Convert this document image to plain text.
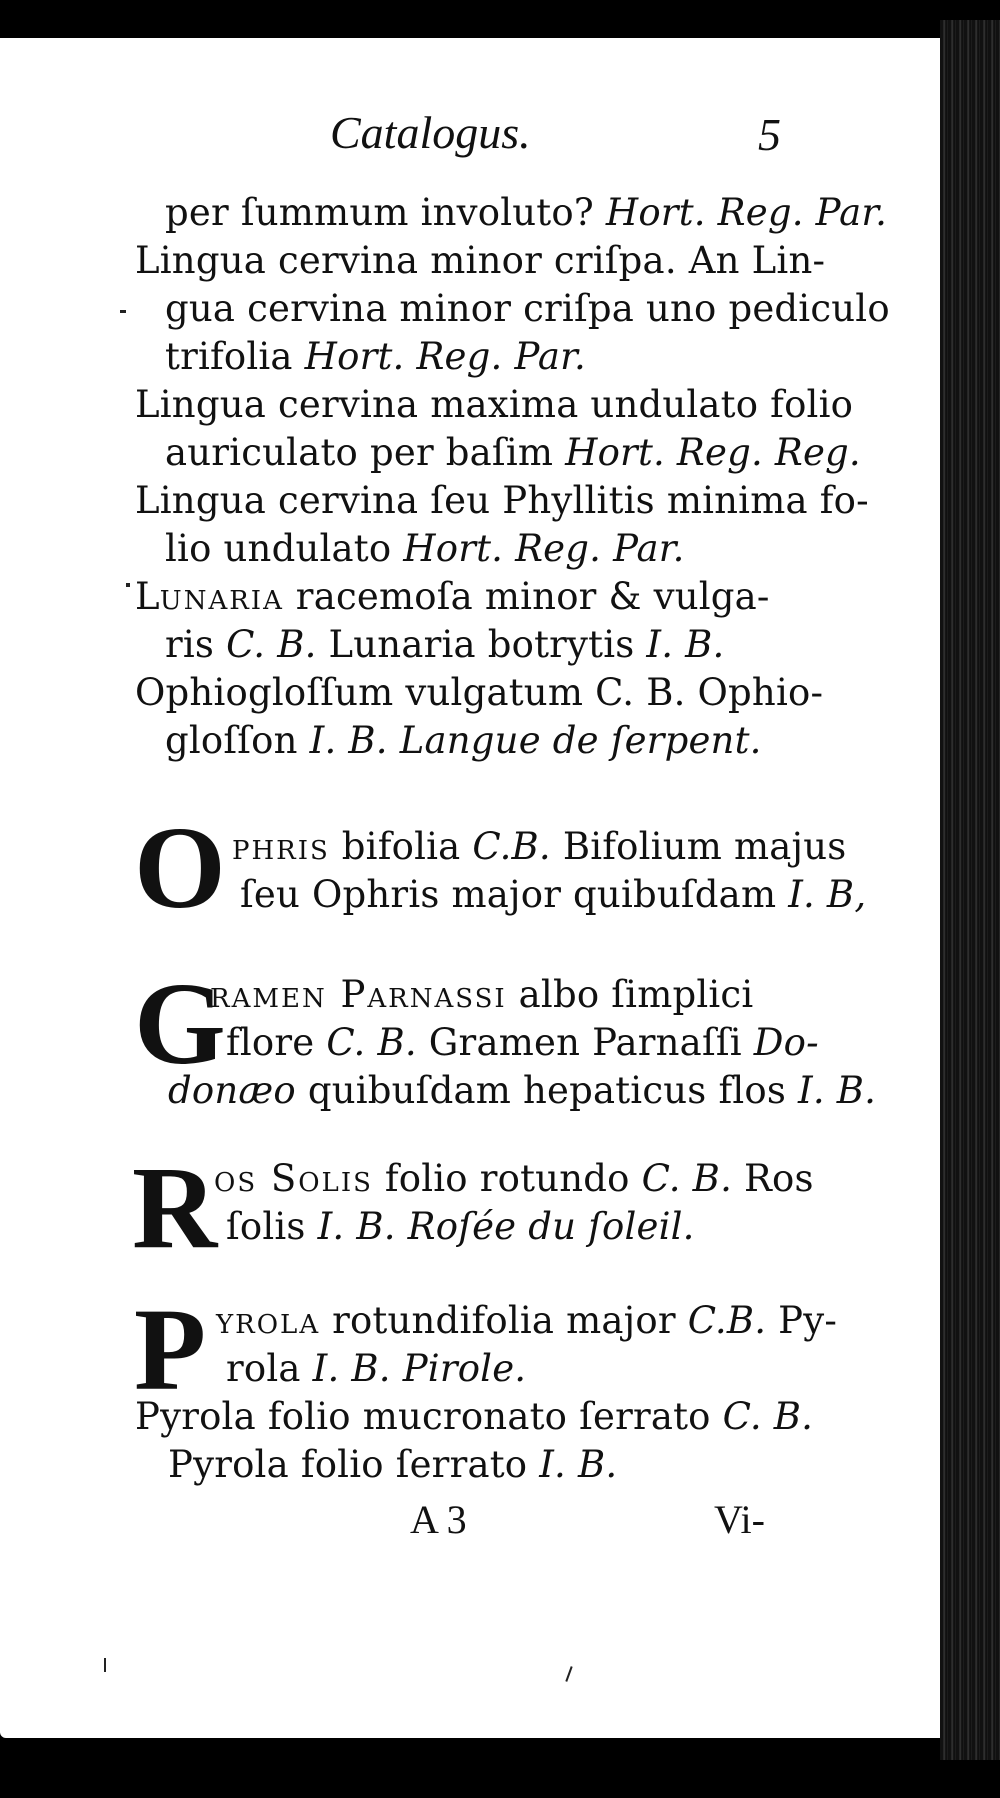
Catalogus.	5
per ſummum involuto? Hort. Reg. Par.
Lingua cervina minor criſpa. An Lin-
gua cervina minor criſpa uno pediculo
trifolia Hort. Reg. Par.
Lingua cervina maxima undulato folio
auriculato per baſim Hort. Reg. Reg.
Lingua cervina ſeu Phyllitis minima fo-
lio undulato Hort. Reg. Par.
Lunaria racemoſa minor & vulga-
ris C. B. Lunaria botrytis I. B.
Ophiogloſſum vulgatum C. B. Ophio-
gloſſon I. B. Langue de ſerpent.
O phris bifolia C.B. Bifolium majus
ſeu Ophris major quibuſdam I. B,
G
ramen Parnassi albo ſimplici
flore C. B. Gramen Parnaſſi Do-
donæo quibuſdam hepaticus flos I. B.
R
os Solis folio rotundo C. B. Ros
ſolis I. B. Roſée du ſoleil.
P yrola rotundifolia major C.B. Py-
rola I. B. Pirole.
Pyrola folio mucronato ſerrato C. B.
Pyrola folio ſerrato I. B.
A 3	Vi-
